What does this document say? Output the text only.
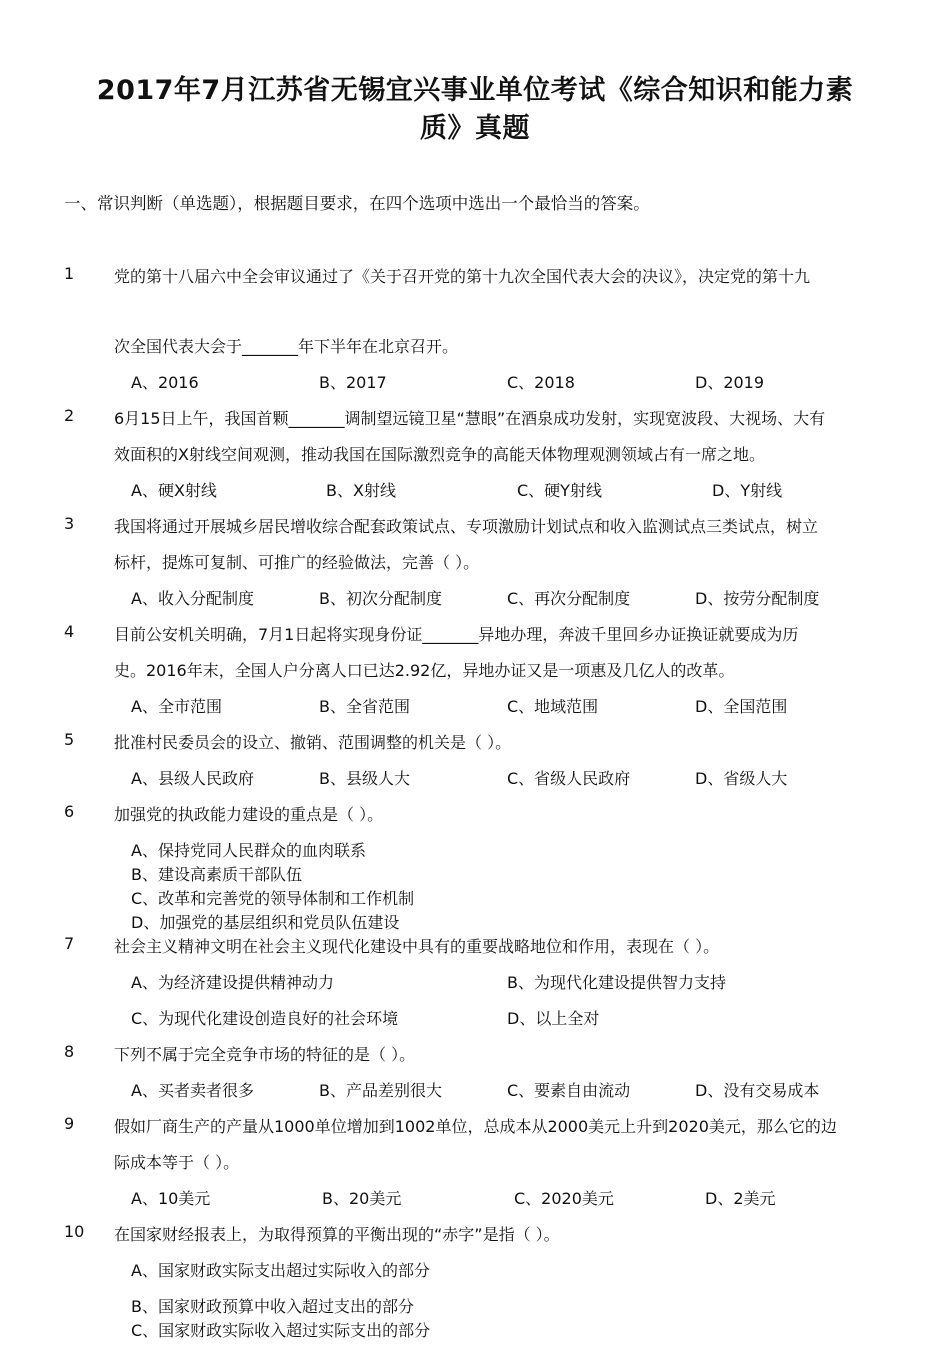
2017年7月江苏省无锡宜兴事业单位考试《综合知识和能力素
质》真题
一、常识判断（单选题），根据题目要求，在四个选项中选出一个最恰当的答案。
1 党的第十八届六中全会审议通过了《关于召开党的第十九次全国代表大会的决议》，决定党的第十九
次全国代表大会于_______年下半年在北京召开。
A、2016	B、2017	C、2018	D、2019
2 6月15日上午，我国首颗_______调制望远镜卫星“慧眼”在酒泉成功发射，实现宽波段、大视场、大有
效面积的X射线空间观测，推动我国在国际激烈竞争的高能天体物理观测领域占有一席之地。
A、硬X射线	B、X射线	C、硬Y射线	D、Y射线
3 我国将通过开展城乡居民增收综合配套政策试点、专项激励计划试点和收入监测试点三类试点，树立
标杆，提炼可复制、可推广的经验做法，完善（ ）。
A、收入分配制度	B、初次分配制度	C、再次分配制度	D、按劳分配制度
4 目前公安机关明确，7月1日起将实现身份证_______异地办理，奔波千里回乡办证换证就要成为历
史。2016年末，全国人户分离人口已达2.92亿，异地办证又是一项惠及几亿人的改革。
A、全市范围	B、全省范围	C、地域范围	D、全国范围
5 批准村民委员会的设立、撤销、范围调整的机关是（ ）。
A、县级人民政府	B、县级人大	C、省级人民政府	D、省级人大
6 加强党的执政能力建设的重点是（ ）。
A、保持党同人民群众的血肉联系
B、建设高素质干部队伍
C、改革和完善党的领导体制和工作机制
D、加强党的基层组织和党员队伍建设
7 社会主义精神文明在社会主义现代化建设中具有的重要战略地位和作用，表现在（ ）。
A、为经济建设提供精神动力	B、为现代化建设提供智力支持
C、为现代化建设创造良好的社会环境	D、以上全对
8 下列不属于完全竞争市场的特征的是（ ）。
A、买者卖者很多	B、产品差别很大	C、要素自由流动	D、没有交易成本
9 假如厂商生产的产量从1000单位增加到1002单位，总成本从2000美元上升到2020美元，那么它的边
际成本等于（ ）。
A、10美元	B、20美元	C、2020美元	D、2美元
10 在国家财经报表上，为取得预算的平衡出现的“赤字”是指（ ）。
A、国家财政实际支出超过实际收入的部分
B、国家财政预算中收入超过支出的部分
C、国家财政实际收入超过实际支出的部分
